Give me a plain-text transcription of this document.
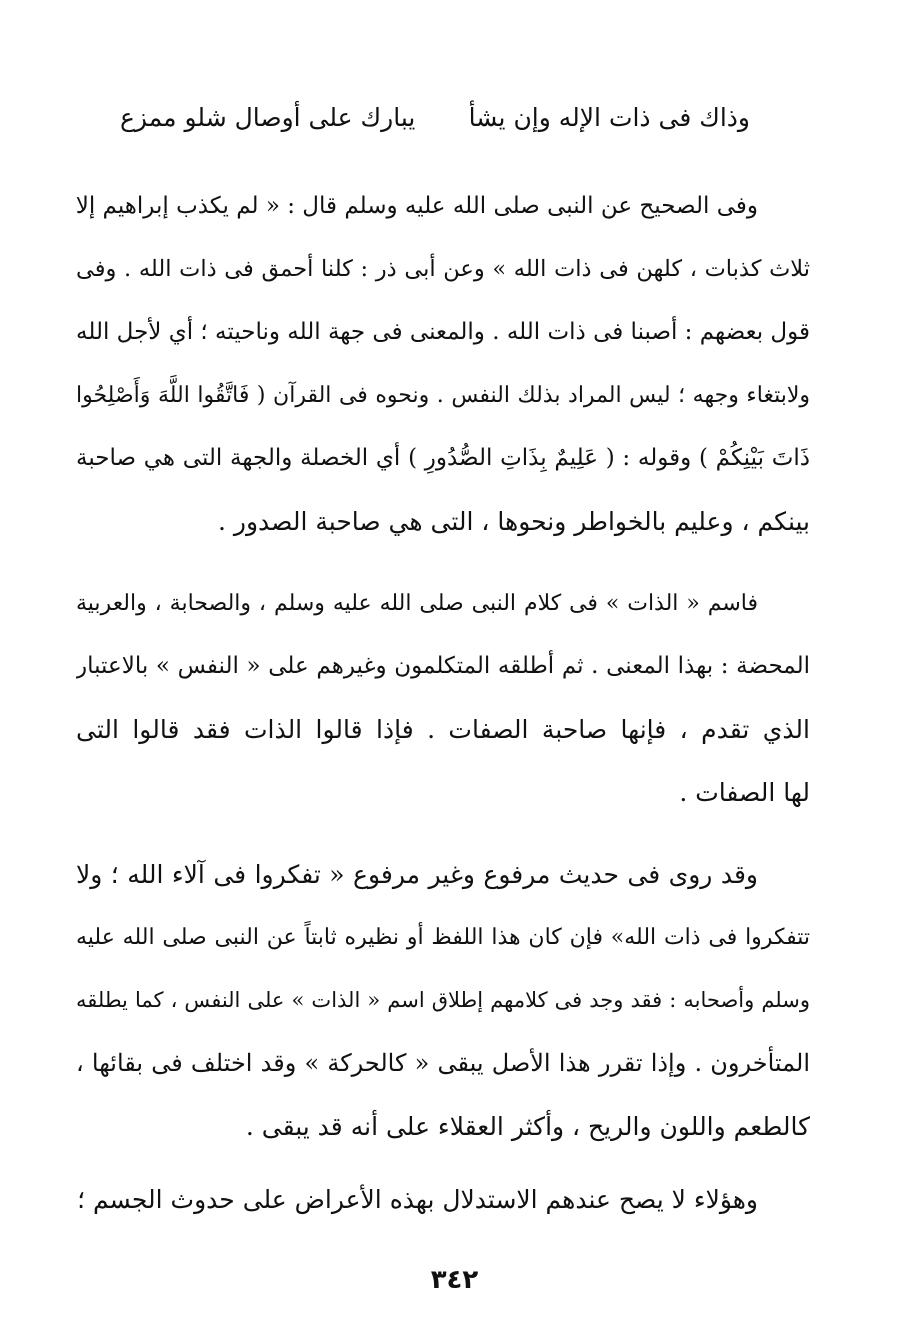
وذاك فى ذات الإله وإن يشأ
يبارك على أوصال شلو ممزع
وفى الصحيح عن النبى صلى الله عليه وسلم قال : « لم يكذب إبراهيم إلا
ثلاث كذبات ، كلهن فى ذات الله » وعن أبى ذر : كلنا أحمق فى ذات الله . وفى
قول بعضهم : أصبنا فى ذات الله . والمعنى فى جهة الله وناحيته ؛ أي لأجل الله
ولابتغاء وجهه ؛ ليس المراد بذلك النفس . ونحوه فى القرآن ( فَاتَّقُوا اللَّهَ وَأَصْلِحُوا
ذَاتَ بَيْنِكُمْ ) وقوله : ( عَلِيمٌ بِذَاتِ الصُّدُورِ ) أي الخصلة والجهة التى هي صاحبة
بينكم ، وعليم بالخواطر ونحوها ، التى هي صاحبة الصدور .
فاسم « الذات » فى كلام النبى صلى الله عليه وسلم ، والصحابة ، والعربية
المحضة : بهذا المعنى . ثم أطلقه المتكلمون وغيرهم على « النفس » بالاعتبار
الذي تقدم ، فإنها صاحبة الصفات . فإذا قالوا الذات فقد قالوا التى
لها الصفات .
وقد روى فى حديث مرفوع وغير مرفوع « تفكروا فى آلاء الله ؛ ولا
تتفكروا فى ذات الله» فإن كان هذا اللفظ أو نظيره ثابتاً عن النبى صلى الله عليه
وسلم وأصحابه : فقد وجد فى كلامهم إطلاق اسم « الذات » على النفس ، كما يطلقه
المتأخرون . وإذا تقرر هذا الأصل يبقى « كالحركة » وقد اختلف فى بقائها ،
كالطعم واللون والريح ، وأكثر العقلاء على أنه قد يبقى .
وهؤلاء لا يصح عندهم الاستدلال بهذه الأعراض على حدوث الجسم ؛
٣٤٢
